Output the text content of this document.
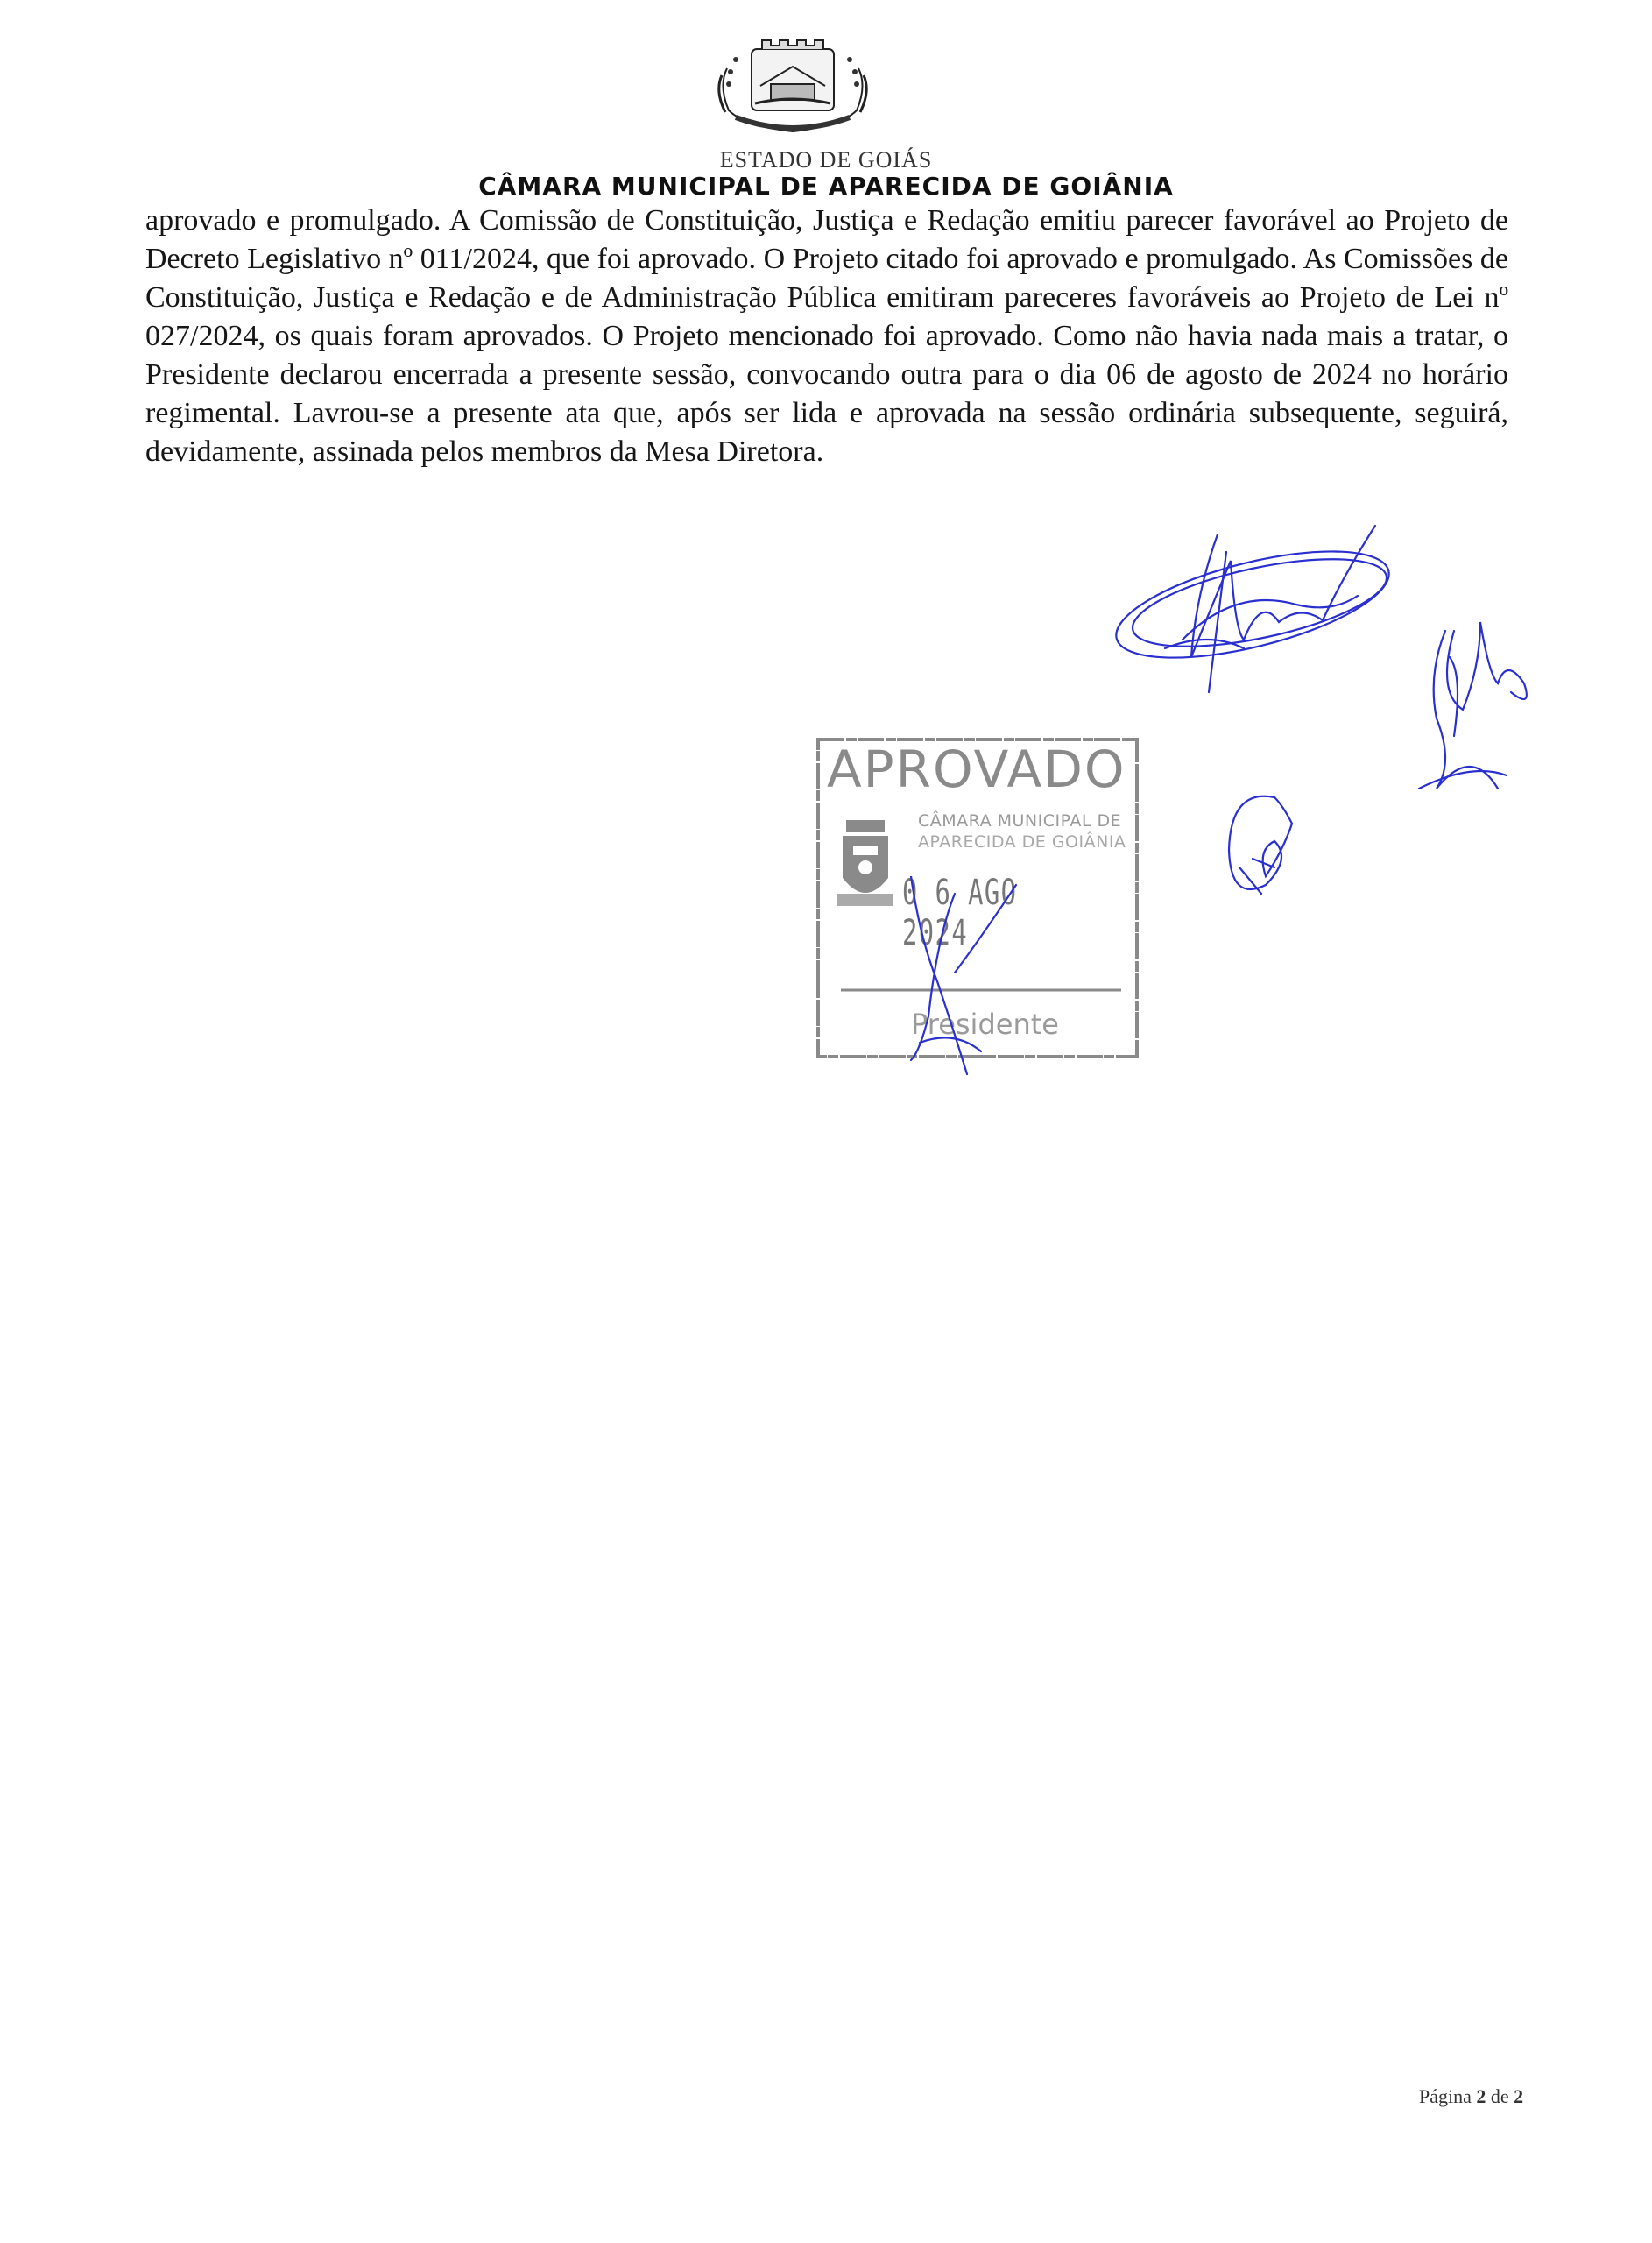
ESTADO DE GOIÁS
CÂMARA MUNICIPAL DE APARECIDA DE GOIÂNIA

aprovado e promulgado. A Comissão de Constituição, Justiça e Redação emitiu parecer favorável ao Projeto de Decreto Legislativo nº 011/2024, que foi aprovado. O Projeto citado foi aprovado e promulgado. As Comissões de Constituição, Justiça e Redação e de Administração Pública emitiram pareceres favoráveis ao Projeto de Lei nº 027/2024, os quais foram aprovados. O Projeto mencionado foi aprovado. Como não havia nada mais a tratar, o Presidente declarou encerrada a presente sessão, convocando outra para o dia 06 de agosto de 2024 no horário regimental. Lavrou-se a presente ata que, após ser lida e aprovada na sessão ordinária subsequente, seguirá, devidamente, assinada pelos membros da Mesa Diretora.

APROVADO
CÂMARA MUNICIPAL DE
APARECIDA DE GOIÂNIA
0 6 AGO 2024
Presidente
Página 2 de 2
